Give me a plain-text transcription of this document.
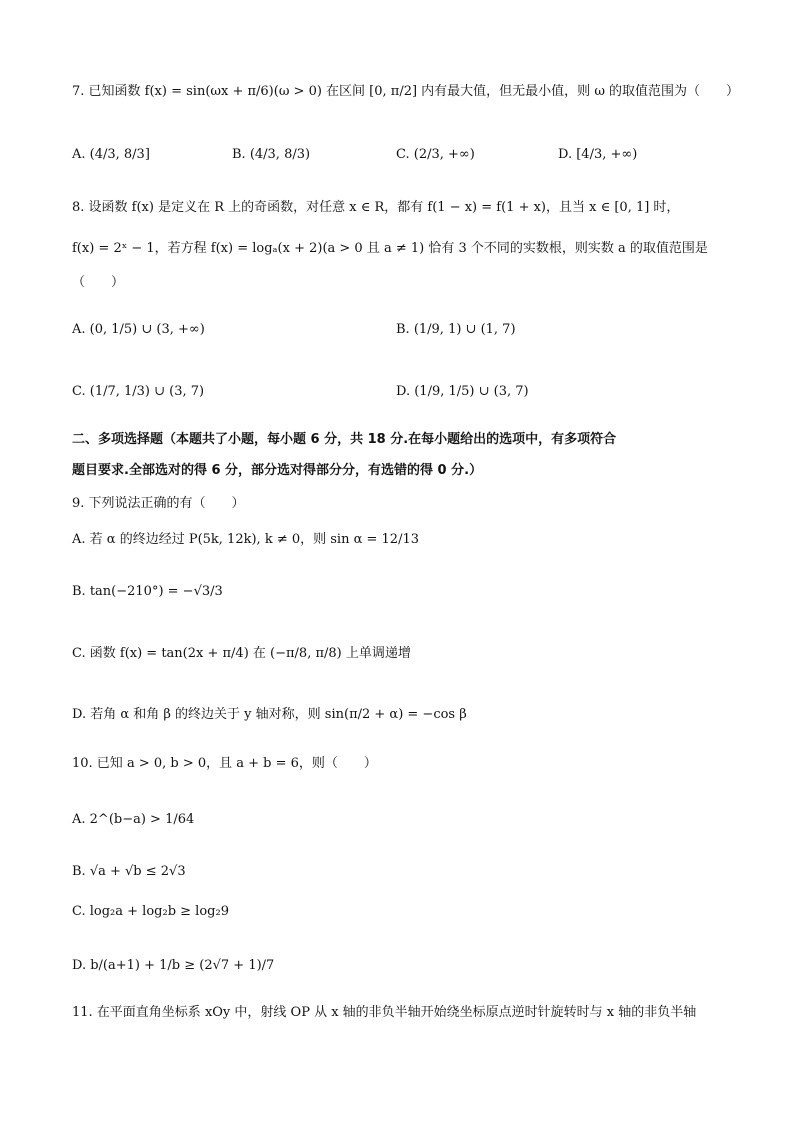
7. 已知函数 f(x) = sin(ωx + π/6)(ω > 0) 在区间 [0, π/2] 内有最大值，但无最小值，则 ω 的取值范围为（　　）
A. (4/3, 8/3]	B. (4/3, 8/3)	C. (2/3, +∞)	D. [4/3, +∞)
8. 设函数 f(x) 是定义在 R 上的奇函数，对任意 x ∈ R，都有 f(1 − x) = f(1 + x)，且当 x ∈ [0, 1] 时，
f(x) = 2ˣ − 1，若方程 f(x) = logₐ(x + 2)(a > 0 且 a ≠ 1) 恰有 3 个不同的实数根，则实数 a 的取值范围是
（　　）
A. (0, 1/5) ∪ (3, +∞)	B. (1/9, 1) ∪ (1, 7)
C. (1/7, 1/3) ∪ (3, 7)	D. (1/9, 1/5) ∪ (3, 7)
二、多项选择题（本题共了小题，每小题 6 分，共 18 分.在每小题给出的选项中，有多项符合
题目要求.全部选对的得 6 分，部分选对得部分分，有选错的得 0 分.）
9. 下列说法正确的有（　　）
A. 若 α 的终边经过 P(5k, 12k), k ≠ 0，则 sin α = 12/13
B. tan(−210°) = −√3/3
C. 函数 f(x) = tan(2x + π/4) 在 (−π/8, π/8) 上单调递增
D. 若角 α 和角 β 的终边关于 y 轴对称，则 sin(π/2 + α) = −cos β
10. 已知 a > 0, b > 0，且 a + b = 6，则（　　）
A. 2^(b−a) > 1/64
B. √a + √b ≤ 2√3
C. log₂a + log₂b ≥ log₂9
D. b/(a+1) + 1/b ≥ (2√7 + 1)/7
11. 在平面直角坐标系 xOy 中，射线 OP 从 x 轴的非负半轴开始绕坐标原点逆时针旋转时与 x 轴的非负半轴
